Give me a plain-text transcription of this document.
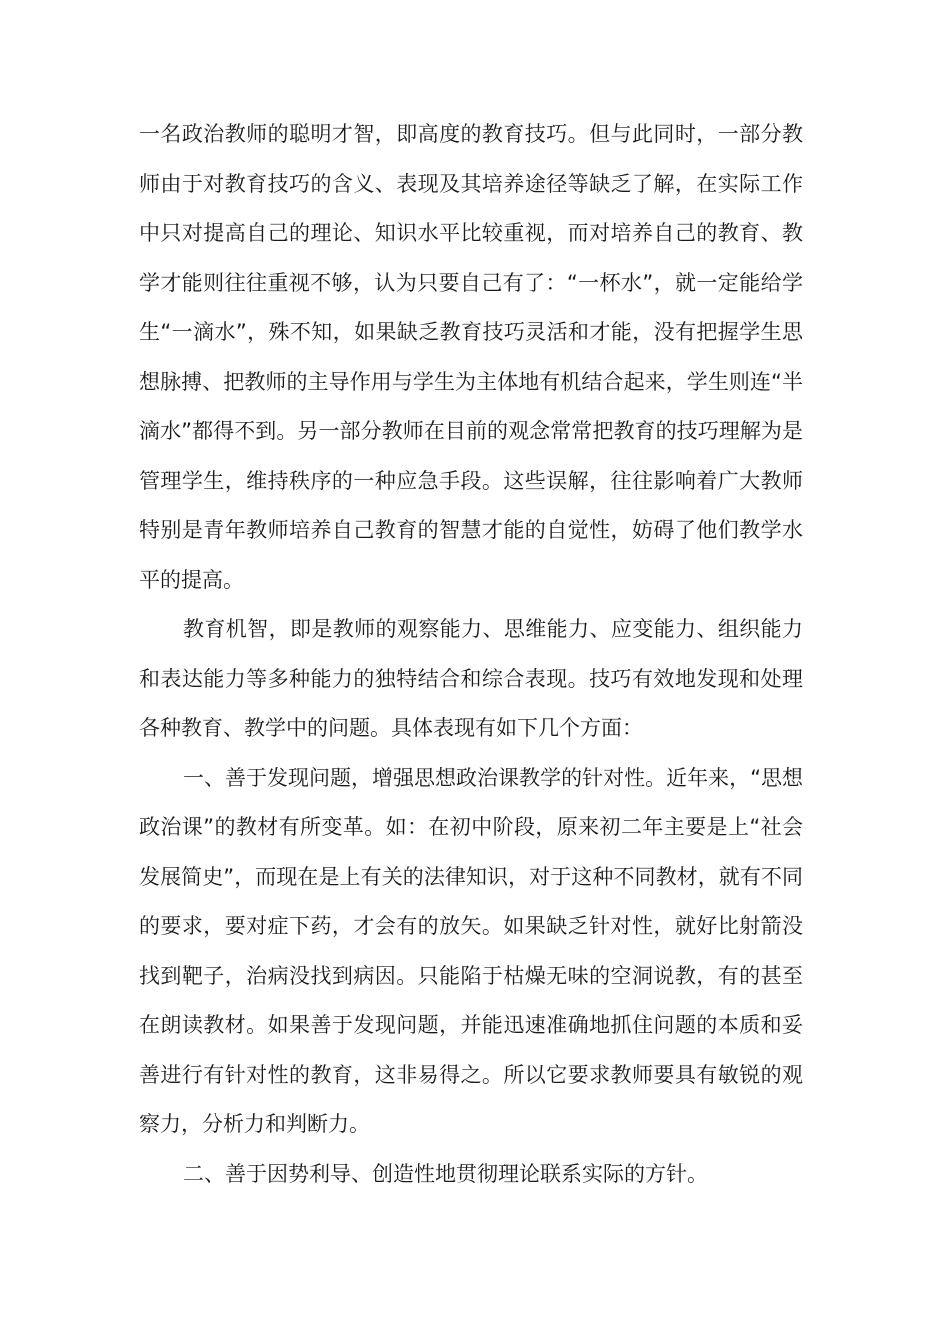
一名政治教师的聪明才智，即高度的教育技巧。但与此同时，一部分教师由于对教育技巧的含义、表现及其培养途径等缺乏了解，在实际工作中只对提高自己的理论、知识水平比较重视，而对培养自己的教育、教学才能则往往重视不够，认为只要自己有了：“一杯水”，就一定能给学生“一滴水”，殊不知，如果缺乏教育技巧灵活和才能，没有把握学生思想脉搏、把教师的主导作用与学生为主体地有机结合起来，学生则连“半滴水”都得不到。另一部分教师在目前的观念常常把教育的技巧理解为是管理学生，维持秩序的一种应急手段。这些误解，往往影响着广大教师特别是青年教师培养自己教育的智慧才能的自觉性，妨碍了他们教学水平的提高。

教育机智，即是教师的观察能力、思维能力、应变能力、组织能力和表达能力等多种能力的独特结合和综合表现。技巧有效地发现和处理各种教育、教学中的问题。具体表现有如下几个方面：

一、善于发现问题，增强思想政治课教学的针对性。近年来，“思想政治课”的教材有所变革。如：在初中阶段，原来初二年主要是上“社会发展简史”，而现在是上有关的法律知识，对于这种不同教材，就有不同的要求，要对症下药，才会有的放矢。如果缺乏针对性，就好比射箭没找到靶子，治病没找到病因。只能陷于枯燥无味的空洞说教，有的甚至在朗读教材。如果善于发现问题，并能迅速准确地抓住问题的本质和妥善进行有针对性的教育，这非易得之。所以它要求教师要具有敏锐的观察力，分析力和判断力。

二、善于因势利导、创造性地贯彻理论联系实际的方针。
